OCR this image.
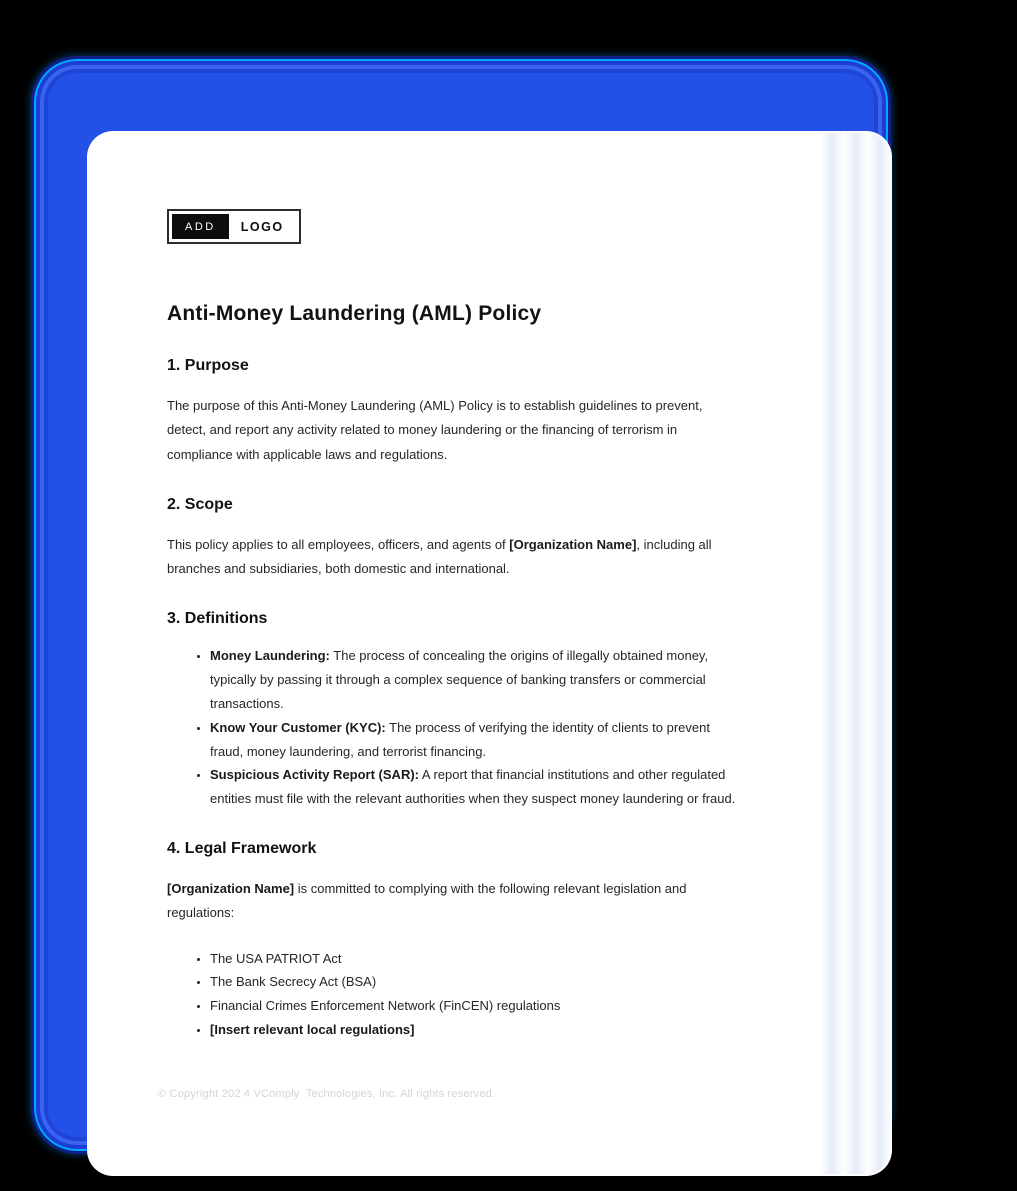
ADD	LOGO
Anti-Money Laundering (AML) Policy
1. Purpose

The purpose of this Anti-Money Laundering (AML) Policy is to establish guidelines to prevent, detect, and report any activity related to money laundering or the financing of terrorism in compliance with applicable laws and regulations.

2. Scope

This policy applies to all employees, officers, and agents of [Organization Name], including all branches and subsidiaries, both domestic and international.

3. Definitions
• Money Laundering: The process of concealing the origins of illegally obtained money, typically by passing it through a complex sequence of banking transfers or commercial transactions.
• Know Your Customer (KYC): The process of verifying the identity of clients to prevent fraud, money laundering, and terrorist financing.
• Suspicious Activity Report (SAR): A report that financial institutions and other regulated entities must file with the relevant authorities when they suspect money laundering or fraud.
4. Legal Framework

[Organization Name] is committed to complying with the following relevant legislation and regulations:

• The USA PATRIOT Act
• The Bank Secrecy Act (BSA)
• Financial Crimes Enforcement Network (FinCEN) regulations
• [Insert relevant local regulations]
© Copyright 202 4 VComply  Technologies, Inc. All rights reserved.
